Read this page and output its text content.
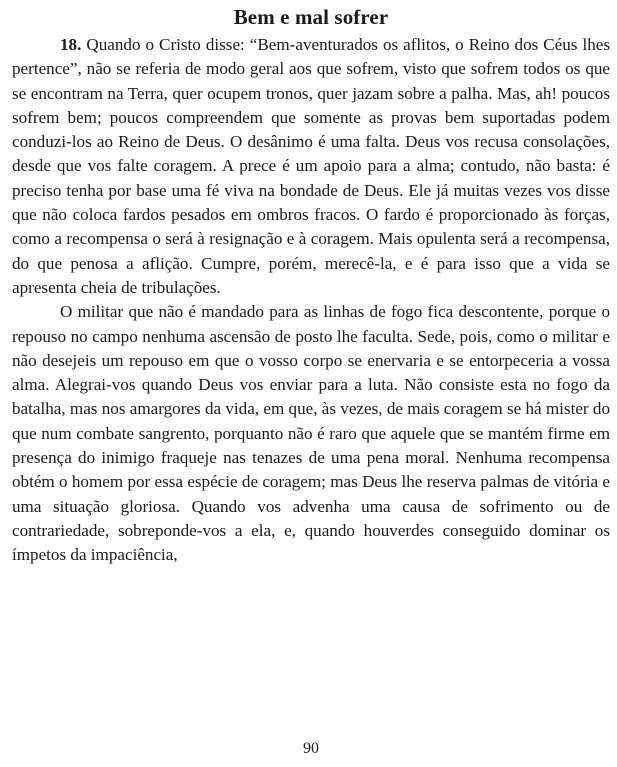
Bem e mal sofrer

18. Quando o Cristo disse: “Bem-aventurados os aflitos, o Reino dos Céus lhes pertence”, não se referia de modo geral aos que sofrem, visto que sofrem todos os que se encontram na Terra, quer ocupem tronos, quer jazam sobre a palha. Mas, ah! poucos sofrem bem; poucos compreendem que somente as provas bem suportadas podem conduzi-los ao Reino de Deus. O desânimo é uma falta. Deus vos recusa consolações, desde que vos falte coragem. A prece é um apoio para a alma; contudo, não basta: é preciso tenha por base uma fé viva na bondade de Deus. Ele já muitas vezes vos disse que não coloca fardos pesados em ombros fracos. O fardo é proporcionado às forças, como a recompensa o será à resignação e à coragem. Mais opulenta será a recompensa, do que penosa a aflição. Cumpre, porém, merecê-la, e é para isso que a vida se apresenta cheia de tribulações.

O militar que não é mandado para as linhas de fogo fica descontente, porque o repouso no campo nenhuma ascensão de posto lhe faculta. Sede, pois, como o militar e não desejeis um repouso em que o vosso corpo se enervaria e se entorpeceria a vossa alma. Alegrai-vos quando Deus vos enviar para a luta. Não consiste esta no fogo da batalha, mas nos amargores da vida, em que, às vezes, de mais coragem se há mister do que num combate sangrento, porquanto não é raro que aquele que se mantém firme em presença do inimigo fraqueje nas tenazes de uma pena moral. Nenhuma recompensa obtém o homem por essa espécie de coragem; mas Deus lhe reserva palmas de vitória e uma situação gloriosa. Quando vos advenha uma causa de sofrimento ou de contrariedade, sobreponde-vos a ela, e, quando houverdes conseguido dominar os ímpetos da impaciência,

90
